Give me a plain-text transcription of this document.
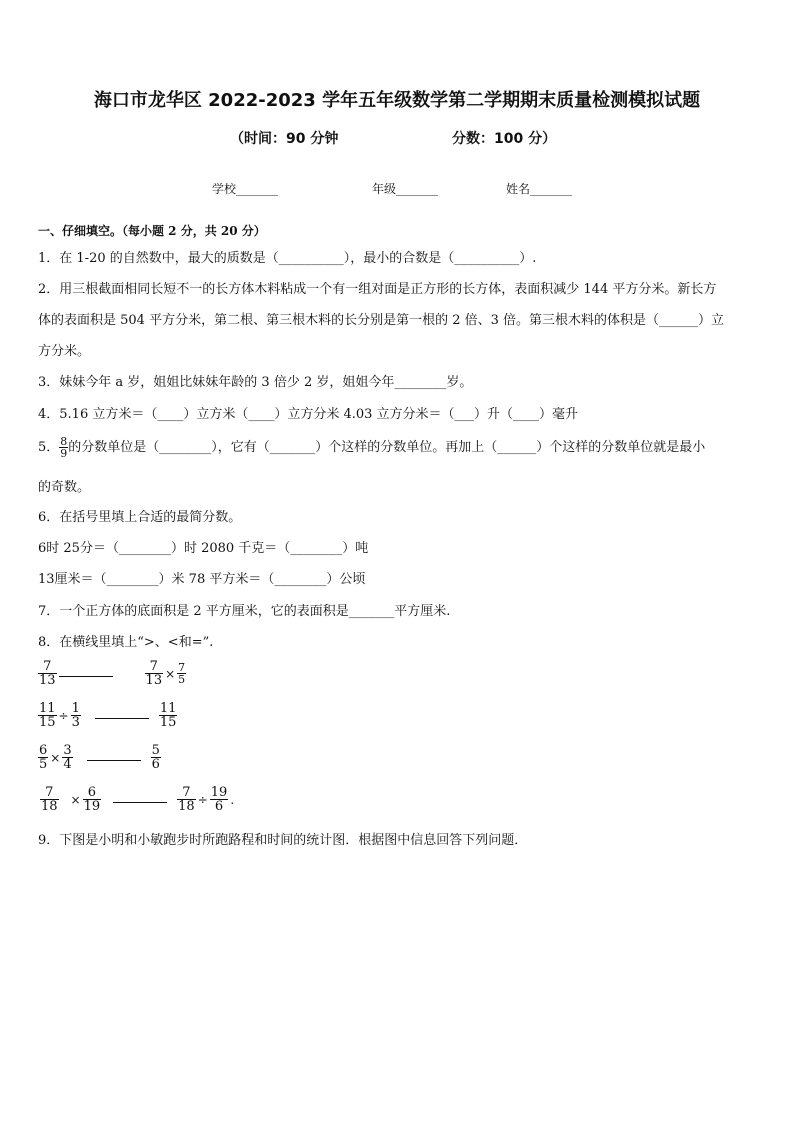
海口市龙华区 2022-2023 学年五年级数学第二学期期末质量检测模拟试题
（时间：90 分钟	分数：100 分）
学校_______	年级_______	姓名_______
一、仔细填空。（每小题 2 分，共 20 分）
1．在 1-20 的自然数中，最大的质数是（__________），最小的合数是（__________）.
2．用三根截面相同长短不一的长方体木料粘成一个有一组对面是正方形的长方体，表面积减少 144 平方分米。新长方
体的表面积是 504 平方分米，第二根、第三根木料的长分别是第一根的 2 倍、3 倍。第三根木料的体积是（______）立
方分米。
3．妹妹今年 a 岁，姐姐比妹妹年龄的 3 倍少 2 岁，姐姐今年________岁。
4．5.16 立方米＝（____）立方米（____）立方分米 4.03 立方分米＝（___）升（____）毫升
5． $\frac{8}{9}$ 的分数单位是（________），它有（_______）个这样的分数单位。再加上（______）个这样的分数单位就是最小
的奇数。
6．在括号里填上合适的最简分数。
6时 25分＝（________）时 2080 千克＝（________）吨
13厘米＝（________）米 78 平方米＝（________）公顷
7．一个正方体的底面积是 2 平方厘米，它的表面积是_______平方厘米.
8．在横线里填上“>、<和=”.
$\frac{7}{13}$	$\frac{7}{13} \times \frac{7}{5}$
$\frac{11}{15} \div \frac{1}{3}$	$\frac{11}{15}$
$\frac{6}{5} \times \frac{3}{4}$	$\frac{5}{6}$
$\frac{7}{18} \times \frac{6}{19}$	$\frac{7}{18} \div \frac{19}{6}$ .
9．下图是小明和小敏跑步时所跑路程和时间的统计图．根据图中信息回答下列问题．
